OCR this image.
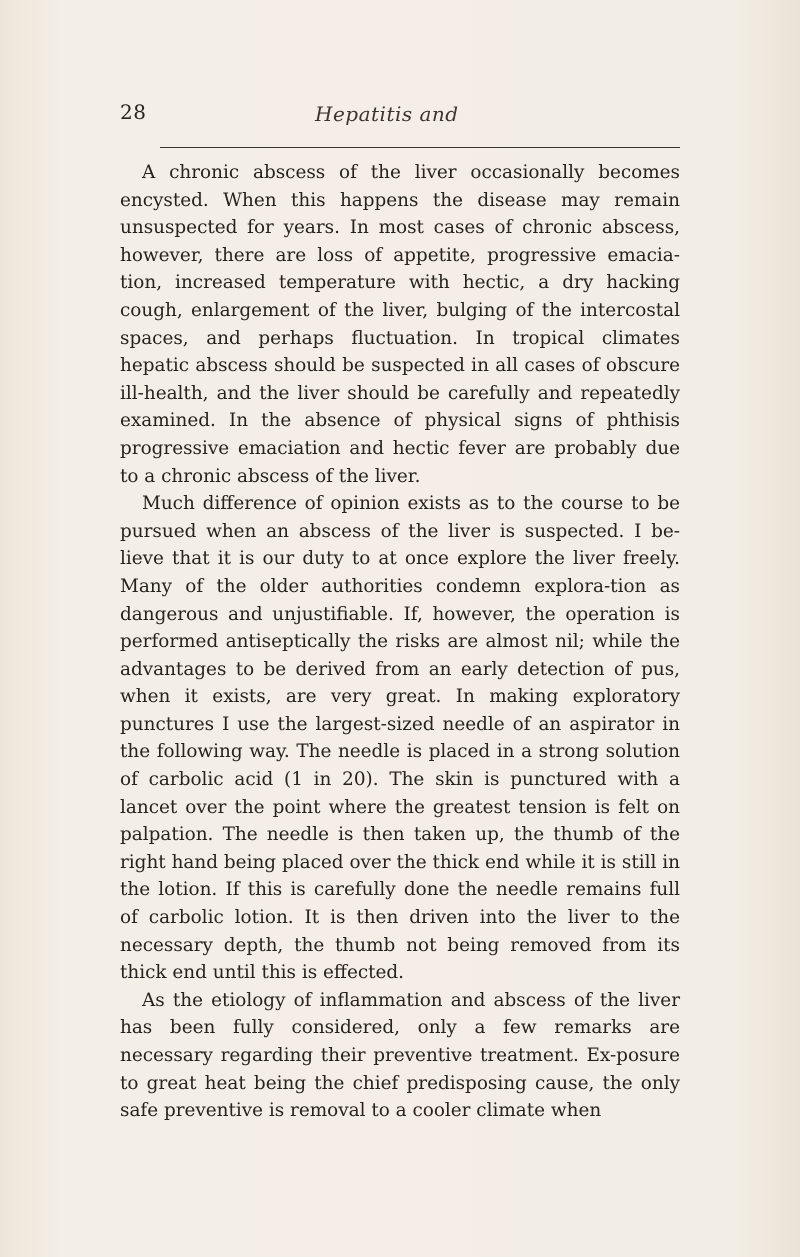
28	Hepatitis and

A chronic abscess of the liver occasionally becomes encysted. When this happens the disease may remain unsuspected for years. In most cases of chronic abscess, however, there are loss of appetite, progressive emacia-tion, increased temperature with hectic, a dry hacking cough, enlargement of the liver, bulging of the intercostal spaces, and perhaps fluctuation. In tropical climates hepatic abscess should be suspected in all cases of obscure ill-health, and the liver should be carefully and repeatedly examined. In the absence of physical signs of phthisis progressive emaciation and hectic fever are probably due to a chronic abscess of the liver.

Much difference of opinion exists as to the course to be pursued when an abscess of the liver is suspected. I be-lieve that it is our duty to at once explore the liver freely. Many of the older authorities condemn explora-tion as dangerous and unjustifiable. If, however, the operation is performed antiseptically the risks are almost nil; while the advantages to be derived from an early detection of pus, when it exists, are very great. In making exploratory punctures I use the largest-sized needle of an aspirator in the following way. The needle is placed in a strong solution of carbolic acid (1 in 20). The skin is punctured with a lancet over the point where the greatest tension is felt on palpation. The needle is then taken up, the thumb of the right hand being placed over the thick end while it is still in the lotion. If this is carefully done the needle remains full of carbolic lotion. It is then driven into the liver to the necessary depth, the thumb not being removed from its thick end until this is effected.

As the etiology of inflammation and abscess of the liver has been fully considered, only a few remarks are necessary regarding their preventive treatment. Ex-posure to great heat being the chief predisposing cause, the only safe preventive is removal to a cooler climate when
